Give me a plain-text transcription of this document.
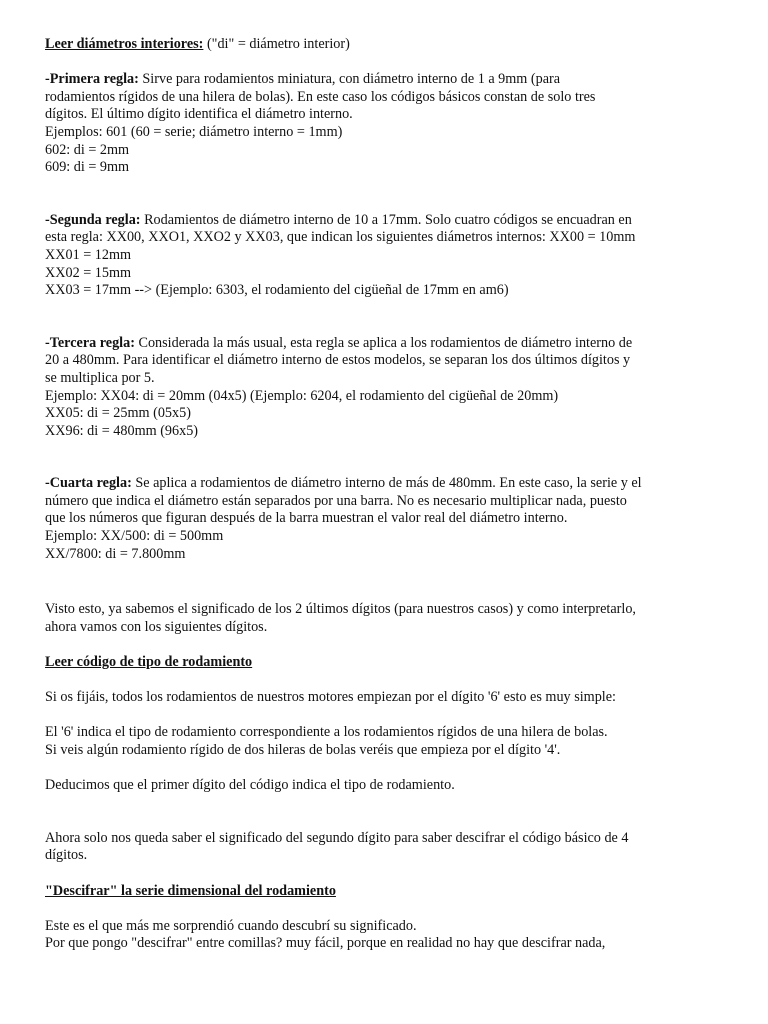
Leer diámetros interiores: ("di" = diámetro interior)
-Primera regla: Sirve para rodamientos miniatura, con diámetro interno de 1 a 9mm (para
rodamientos rígidos de una hilera de bolas). En este caso los códigos básicos constan de solo tres
dígitos. El último dígito identifica el diámetro interno.
Ejemplos: 601 (60 = serie; diámetro interno = 1mm)
602: di = 2mm
609: di = 9mm
-Segunda regla: Rodamientos de diámetro interno de 10 a 17mm. Solo cuatro códigos se encuadran en
esta regla: XX00, XXO1, XXO2 y XX03, que indican los siguientes diámetros internos: XX00 = 10mm
XX01 = 12mm
XX02 = 15mm
XX03 = 17mm --> (Ejemplo: 6303, el rodamiento del cigüeñal de 17mm en am6)
-Tercera regla: Considerada la más usual, esta regla se aplica a los rodamientos de diámetro interno de
20 a 480mm. Para identificar el diámetro interno de estos modelos, se separan los dos últimos dígitos y
se multiplica por 5.
Ejemplo: XX04: di = 20mm (04x5) (Ejemplo: 6204, el rodamiento del cigüeñal de 20mm)
XX05: di = 25mm (05x5)
XX96: di = 480mm (96x5)
-Cuarta regla: Se aplica a rodamientos de diámetro interno de más de 480mm. En este caso, la serie y el
número que indica el diámetro están separados por una barra. No es necesario multiplicar nada, puesto
que los números que figuran después de la barra muestran el valor real del diámetro interno.
Ejemplo: XX/500: di = 500mm
XX/7800: di = 7.800mm
Visto esto, ya sabemos el significado de los 2 últimos dígitos (para nuestros casos) y como interpretarlo,
ahora vamos con los siguientes dígitos.
Leer código de tipo de rodamiento
Si os fijáis, todos los rodamientos de nuestros motores empiezan por el dígito '6' esto es muy simple:
El '6' indica el tipo de rodamiento correspondiente a los rodamientos rígidos de una hilera de bolas.
Si veis algún rodamiento rígido de dos hileras de bolas veréis que empieza por el dígito '4'.
Deducimos que el primer dígito del código indica el tipo de rodamiento.
Ahora solo nos queda saber el significado del segundo dígito para saber descifrar el código básico de 4
dígitos.
"Descifrar" la serie dimensional del rodamiento
Este es el que más me sorprendió cuando descubrí su significado.
Por que pongo "descifrar" entre comillas? muy fácil, porque en realidad no hay que descifrar nada,
